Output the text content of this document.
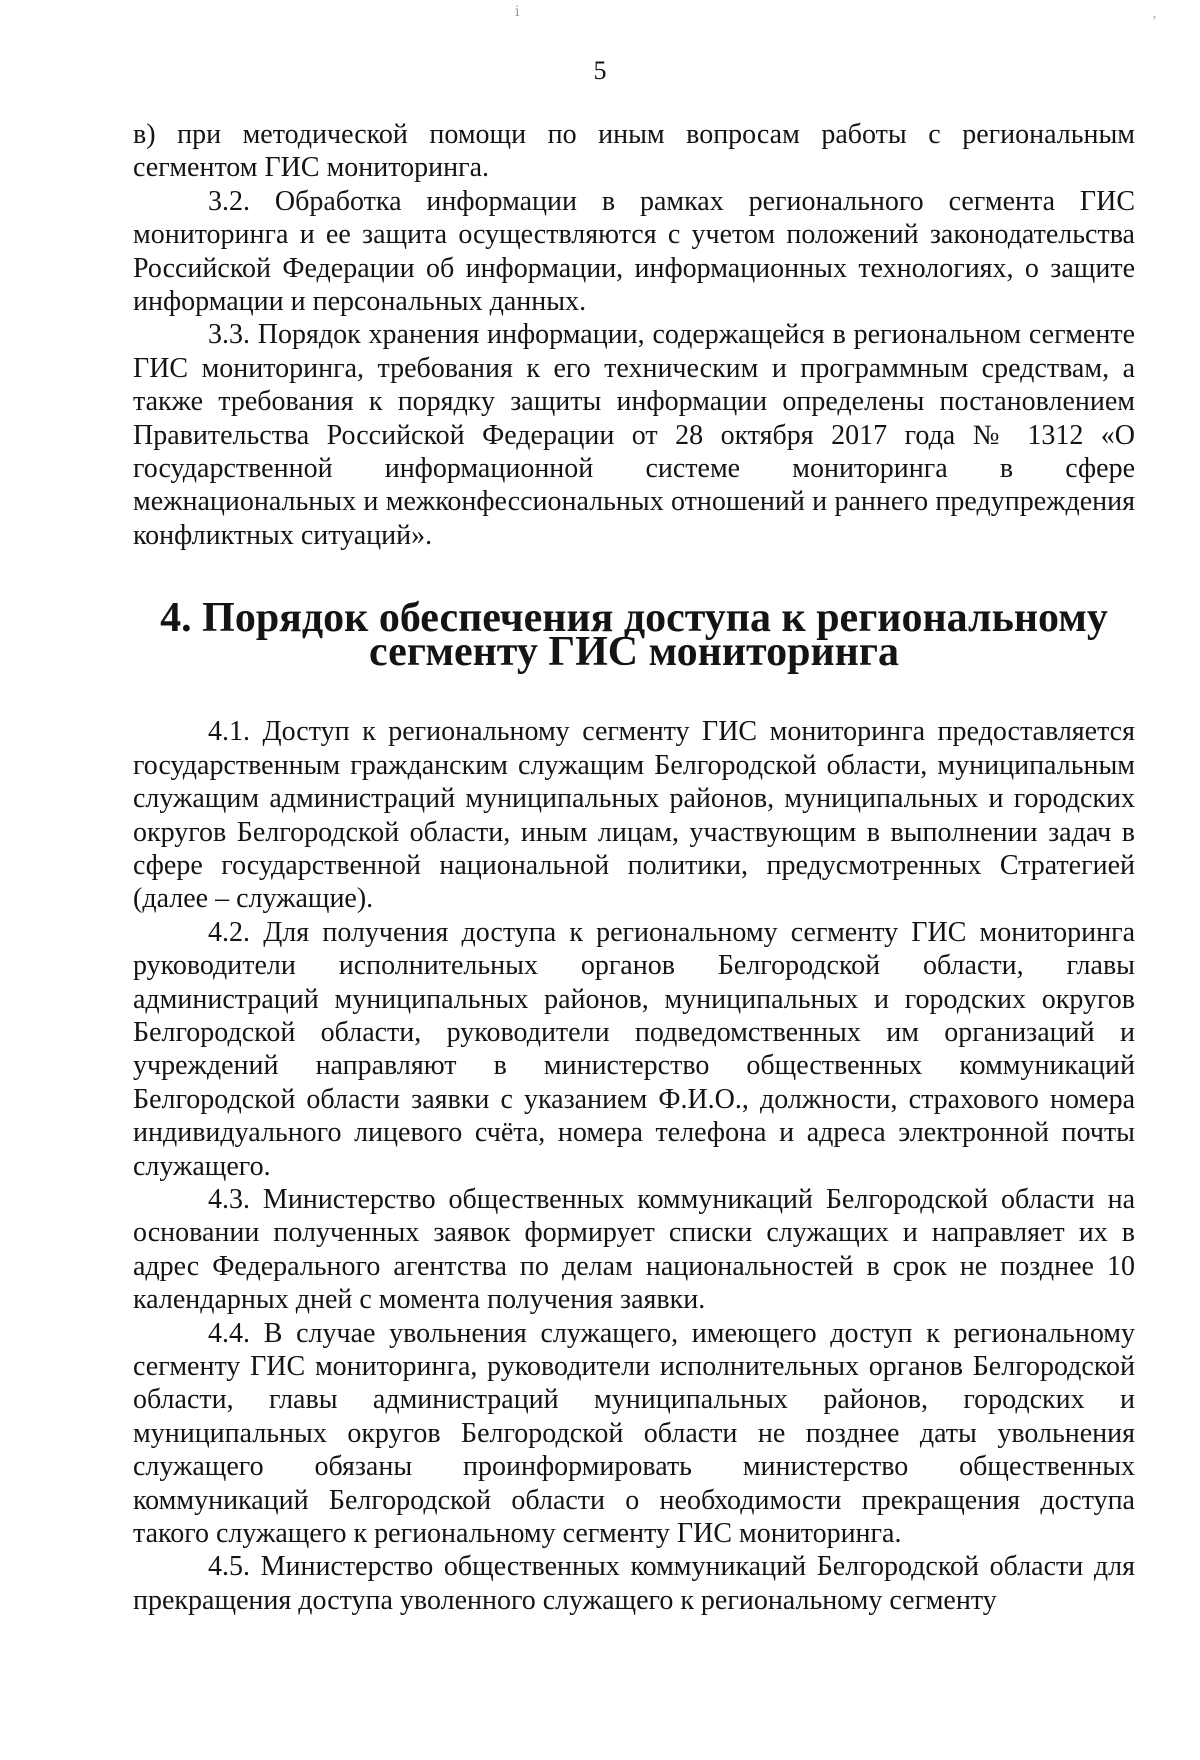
ⅰ
ʼ
5

в) при методической помощи по иным вопросам работы с региональным сегментом ГИС мониторинга.

3.2. Обработка информации в рамках регионального сегмента ГИС мониторинга и ее защита осуществляются с учетом положений законодательства Российской Федерации об информации, информационных технологиях, о защите информации и персональных данных.

3.3. Порядок хранения информации, содержащейся в региональном сегменте ГИС мониторинга, требования к его техническим и программным средствам, а также требования к порядку защиты информации определены постановлением Правительства Российской Федерации от 28 октября 2017 года № 1312 «О государственной информационной системе мониторинга в сфере межнациональных и межконфессиональных отношений и раннего предупреждения конфликтных ситуаций».

4. Порядок обеспечения доступа к региональному
сегменту ГИС мониторинга

4.1. Доступ к региональному сегменту ГИС мониторинга предоставляется государственным гражданским служащим Белгородской области, муниципальным служащим администраций муниципальных районов, муниципальных и городских округов Белгородской области, иным лицам, участвующим в выполнении задач в сфере государственной национальной политики, предусмотренных Стратегией (далее – служащие).

4.2. Для получения доступа к региональному сегменту ГИС мониторинга руководители исполнительных органов Белгородской области, главы администраций муниципальных районов, муниципальных и городских округов Белгородской области, руководители подведомственных им организаций и учреждений направляют в министерство общественных коммуникаций Белгородской области заявки с указанием Ф.И.О., должности, страхового номера индивидуального лицевого счёта, номера телефона и адреса электронной почты служащего.

4.3. Министерство общественных коммуникаций Белгородской области на основании полученных заявок формирует списки служащих и направляет их в адрес Федерального агентства по делам национальностей в срок не позднее 10 календарных дней с момента получения заявки.

4.4. В случае увольнения служащего, имеющего доступ к региональному сегменту ГИС мониторинга, руководители исполнительных органов Белгородской области, главы администраций муниципальных районов, городских и муниципальных округов Белгородской области не позднее даты увольнения служащего обязаны проинформировать министерство общественных коммуникаций Белгородской области о необходимости прекращения доступа такого служащего к региональному сегменту ГИС мониторинга.

4.5. Министерство общественных коммуникаций Белгородской области для прекращения доступа уволенного служащего к региональному сегменту
